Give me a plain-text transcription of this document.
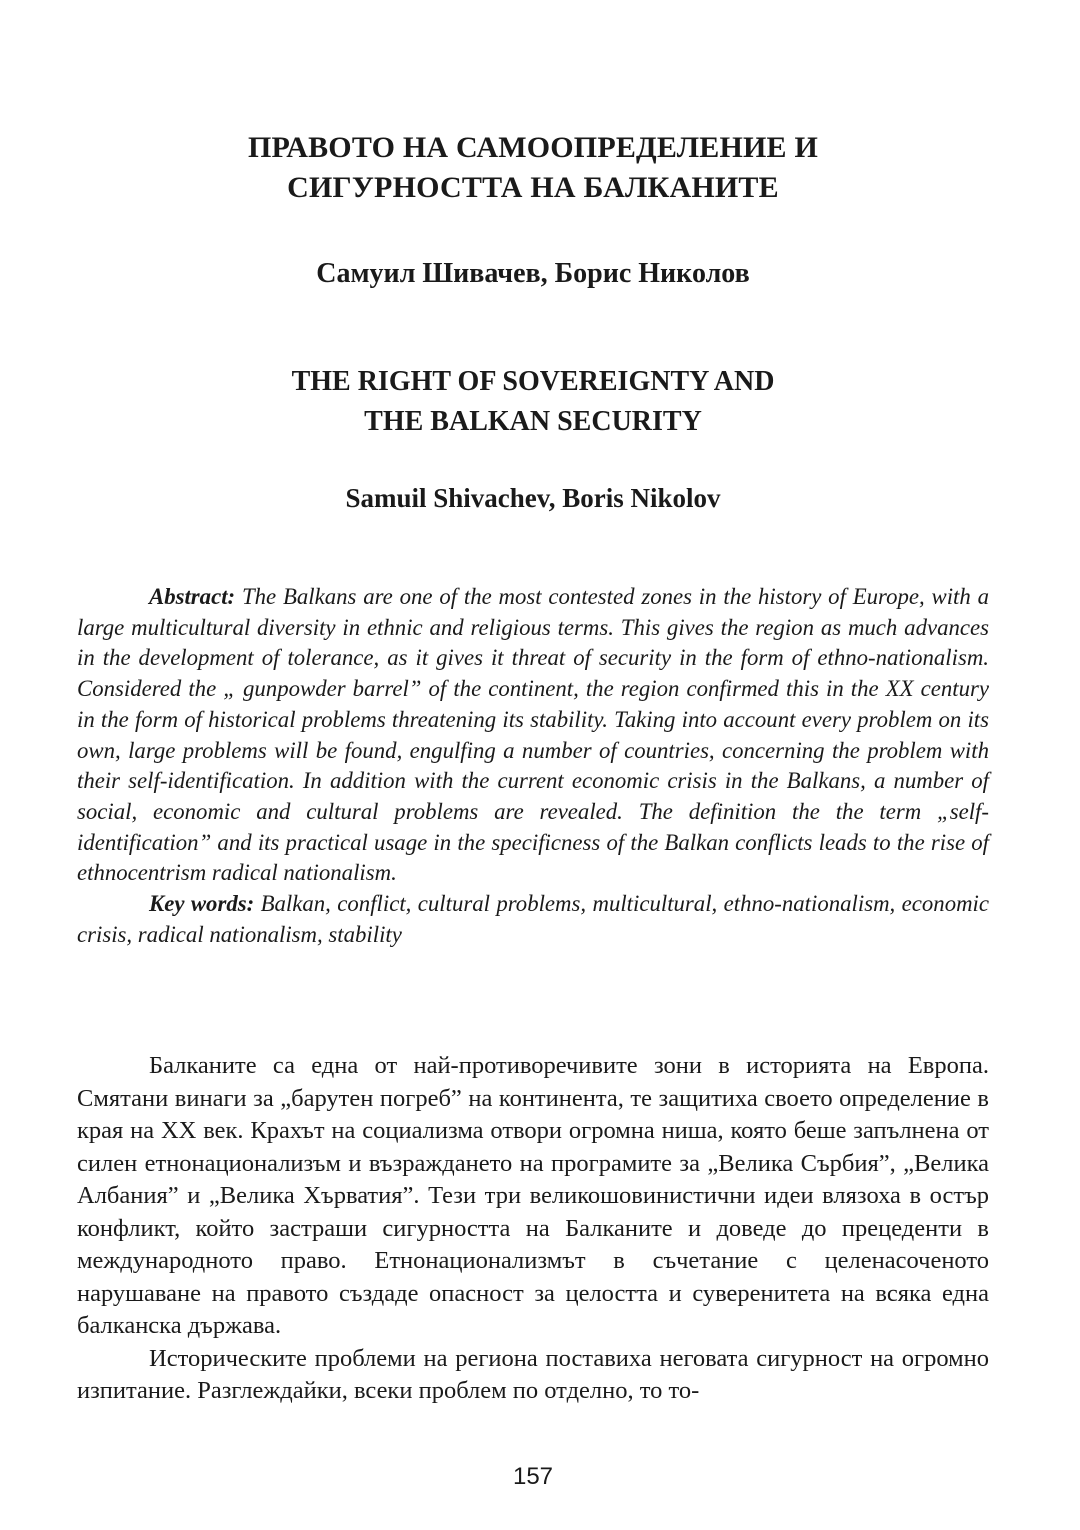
ПРАВОТО НА САМООПРЕДЕЛЕНИЕ И
СИГУРНОСТТА НА БАЛКАНИТЕ
Самуил Шивачев, Борис Николов
THE RIGHT OF SOVEREIGNTY AND
THE BALKAN SECURITY
Samuil Shivachev, Boris Nikolov

Abstract: The Balkans are one of the most contested zones in the history of Europe, with a large multicultural diversity in ethnic and religious terms. This gives the region as much advances in the development of tolerance, as it gives it threat of security in the form of ethno-nationalism. Considered the „ gunpowder barrel” of the continent, the region confirmed this in the XX century in the form of historical problems threatening its stability. Taking into account every problem on its own, large problems will be found, engulfing a number of countries, concerning the problem with their self-identification. In addition with the current economic crisis in the Balkans, a number of social, economic and cultural problems are revealed. The definition the the term „self-identification” and its practical usage in the specificness of the Balkan conflicts leads to the rise of ethnocentrism radical nationalism.

Key words: Balkan, conflict, cultural problems, multicultural, ethno-nationalism, economic crisis, radical nationalism, stability

Балканите са една от най-противоречивите зони в историята на Европа. Смятани винаги за „барутен погреб” на континента, те защитиха своето определение в края на XX век. Крахът на социализма отвори огромна ниша, която беше запълнена от силен етнонационализъм и възраждането на програмите за „Велика Сърбия”, „Велика Албания” и „Велика Хърватия”. Тези три великошовинистични идеи влязоха в остър конфликт, който застраши сигурността на Балканите и доведе до прецеденти в международното право. Етнонационализмът в съчетание с целенасоченото нарушаване на правото създаде опасност за целостта и суверенитета на всяка една балканска държава.

Историческите проблеми на региона поставиха неговата сигурност на огромно изпитание. Разглеждайки, всеки проблем по отделно, то то-

157
